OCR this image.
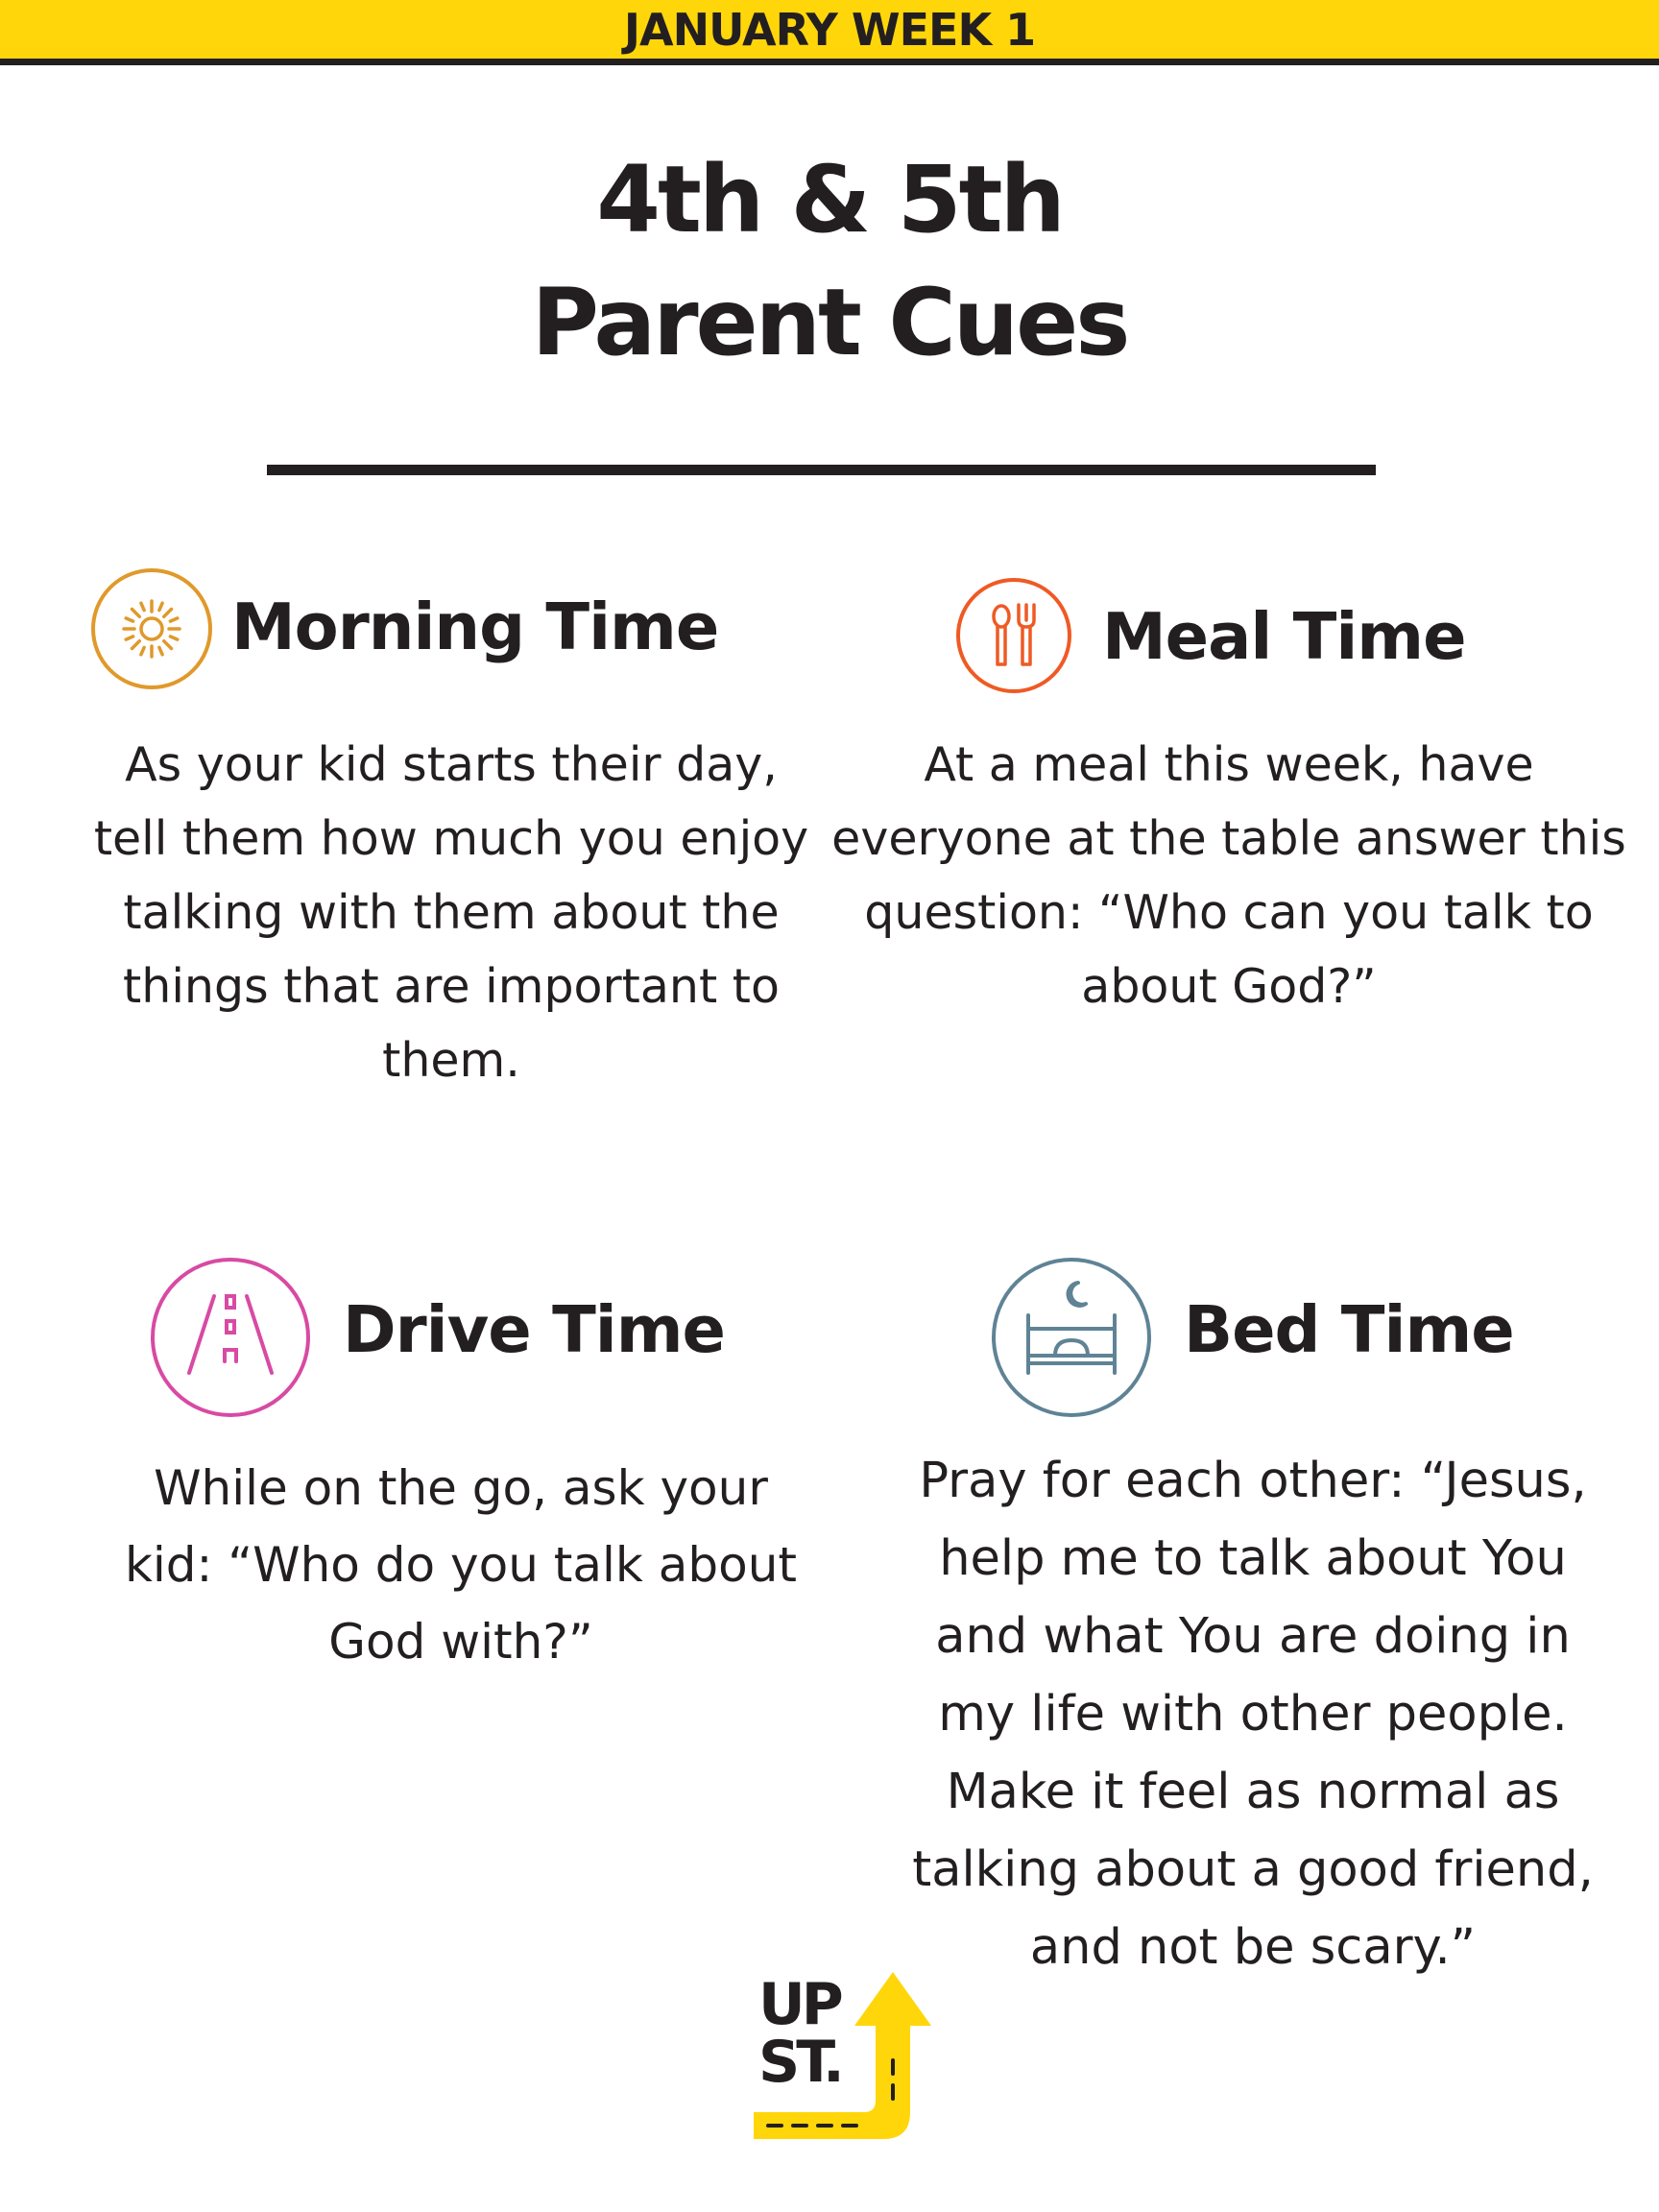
JANUARY WEEK 1
4th & 5th
Parent Cues
Morning Time
As your kid starts their day,
tell them how much you enjoy
talking with them about the
things that are important to
them.
Meal Time
At a meal this week, have
everyone at the table answer this
question: “Who can you talk to
about God?”
Drive Time
While on the go, ask your
kid: “Who do you talk about
God with?”
Bed Time
Pray for each other: “Jesus,
help me to talk about You
and what You are doing in
my life with other people.
Make it feel as normal as
talking about a good friend,
and not be scary.”
UP
ST.
